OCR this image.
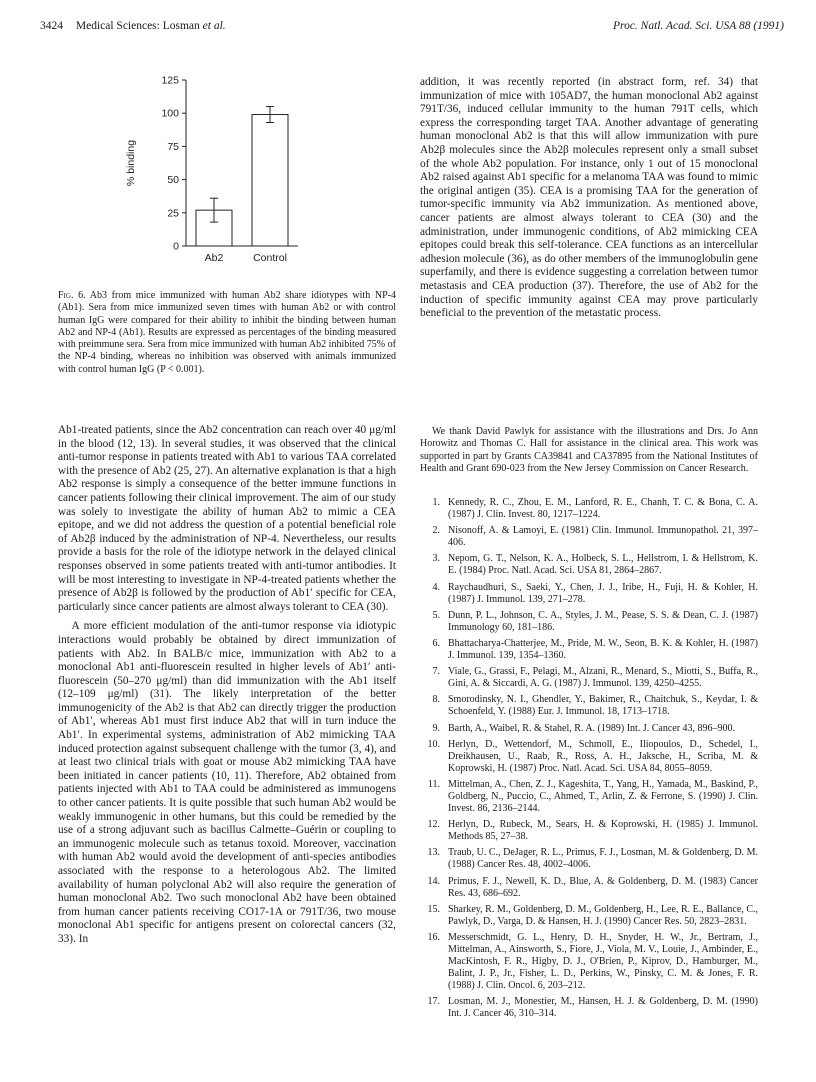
3424 Medical Sciences: Losman et al.	Proc. Natl. Acad. Sci. USA 88 (1991)
0
25
50
75
100
125
% binding
Ab2	Control
Fig. 6. Ab3 from mice immunized with human Ab2 share idiotypes with NP-4 (Ab1). Sera from mice immunized seven times with human Ab2 or with control human IgG were compared for their ability to inhibit the binding between human Ab2 and NP-4 (Ab1). Results are expressed as percentages of the binding measured with preimmune sera. Sera from mice immunized with human Ab2 inhibited 75% of the NP-4 binding, whereas no inhibition was observed with animals immunized with control human IgG (P < 0.001).

Ab1-treated patients, since the Ab2 concentration can reach over 40 μg/ml in the blood (12, 13). In several studies, it was observed that the clinical anti-tumor response in patients treated with Ab1 to various TAA correlated with the presence of Ab2 (25, 27). An alternative explanation is that a high Ab2 response is simply a consequence of the better immune functions in cancer patients following their clinical improvement. The aim of our study was solely to investigate the ability of human Ab2 to mimic a CEA epitope, and we did not address the question of a potential beneficial role of Ab2β induced by the administration of NP-4. Nevertheless, our results provide a basis for the role of the idiotype network in the delayed clinical responses observed in some patients treated with anti-tumor antibodies. It will be most interesting to investigate in NP-4-treated patients whether the presence of Ab2β is followed by the production of Ab1′ specific for CEA, particularly since cancer patients are almost always tolerant to CEA (30).

A more efficient modulation of the anti-tumor response via idiotypic interactions would probably be obtained by direct immunization of patients with Ab2. In BALB/c mice, immunization with Ab2 to a monoclonal Ab1 anti-fluorescein resulted in higher levels of Ab1′ anti-fluorescein (50–270 μg/ml) than did immunization with the Ab1 itself (12–109 μg/ml) (31). The likely interpretation of the better immunogenicity of the Ab2 is that Ab2 can directly trigger the production of Ab1′, whereas Ab1 must first induce Ab2 that will in turn induce the Ab1′. In experimental systems, administration of Ab2 mimicking TAA induced protection against subsequent challenge with the tumor (3, 4), and at least two clinical trials with goat or mouse Ab2 mimicking TAA have been initiated in cancer patients (10, 11). Therefore, Ab2 obtained from patients injected with Ab1 to TAA could be administered as immunogens to other cancer patients. It is quite possible that such human Ab2 would be weakly immunogenic in other humans, but this could be remedied by the use of a strong adjuvant such as bacillus Calmette–Guérin or coupling to an immunogenic molecule such as tetanus toxoid. Moreover, vaccination with human Ab2 would avoid the development of anti-species antibodies associated with the response to a heterologous Ab2. The limited availability of human polyclonal Ab2 will also require the generation of human monoclonal Ab2. Two such monoclonal Ab2 have been obtained from human cancer patients receiving CO17-1A or 791T/36, two mouse monoclonal Ab1 specific for antigens present on colorectal cancers (32, 33). In

addition, it was recently reported (in abstract form, ref. 34) that immunization of mice with 105AD7, the human monoclonal Ab2 against 791T/36, induced cellular immunity to the human 791T cells, which express the corresponding target TAA. Another advantage of generating human monoclonal Ab2 is that this will allow immunization with pure Ab2β molecules since the Ab2β molecules represent only a small subset of the whole Ab2 population. For instance, only 1 out of 15 monoclonal Ab2 raised against Ab1 specific for a melanoma TAA was found to mimic the original antigen (35). CEA is a promising TAA for the generation of tumor-specific immunity via Ab2 immunization. As mentioned above, cancer patients are almost always tolerant to CEA (30) and the administration, under immunogenic conditions, of Ab2 mimicking CEA epitopes could break this self-tolerance. CEA functions as an intercellular adhesion molecule (36), as do other members of the immunoglobulin gene superfamily, and there is evidence suggesting a correlation between tumor metastasis and CEA production (37). Therefore, the use of Ab2 for the induction of specific immunity against CEA may prove particularly beneficial to the prevention of the metastatic process.

We thank David Pawlyk for assistance with the illustrations and Drs. Jo Ann Horowitz and Thomas C. Hall for assistance in the clinical area. This work was supported in part by Grants CA39841 and CA37895 from the National Institutes of Health and Grant 690-023 from the New Jersey Commission on Cancer Research.

1. Kennedy, R. C., Zhou, E. M., Lanford, R. E., Chanh, T. C. & Bona, C. A. (1987) J. Clin. Invest. 80, 1217–1224.
2. Nisonoff, A. & Lamoyi, E. (1981) Clin. Immunol. Immunopathol. 21, 397–406.
3. Nepom, G. T., Nelson, K. A., Holbeck, S. L., Hellstrom, I. & Hellstrom, K. E. (1984) Proc. Natl. Acad. Sci. USA 81, 2864–2867.
4. Raychaudhuri, S., Saeki, Y., Chen, J. J., Iribe, H., Fuji, H. & Kohler, H. (1987) J. Immunol. 139, 271–278.
5. Dunn, P. L., Johnson, C. A., Styles, J. M., Pease, S. S. & Dean, C. J. (1987) Immunology 60, 181–186.
6. Bhattacharya-Chatterjee, M., Pride, M. W., Seon, B. K. & Kohler, H. (1987) J. Immunol. 139, 1354–1360.
7. Viale, G., Grassi, F., Pelagi, M., Alzani, R., Menard, S., Miotti, S., Buffa, R., Gini, A. & Siccardi, A. G. (1987) J. Immunol. 139, 4250–4255.
8. Smorodinsky, N. I., Ghendler, Y., Bakimer, R., Chaitchuk, S., Keydar, I. & Schoenfeld, Y. (1988) Eur. J. Immunol. 18, 1713–1718.
9. Barth, A., Waibel, R. & Stahel, R. A. (1989) Int. J. Cancer 43, 896–900.
10. Herlyn, D., Wettendorf, M., Schmoll, E., Iliopoulos, D., Schedel, I., Dreikhausen, U., Raab, R., Ross, A. H., Jaksche, H., Scriba, M. & Koprowski, H. (1987) Proc. Natl. Acad. Sci. USA 84, 8055–8059.
11. Mittelman, A., Chen, Z. J., Kageshita, T., Yang, H., Yamada, M., Baskind, P., Goldberg, N., Puccio, C., Ahmed, T., Arlin, Z. & Ferrone, S. (1990) J. Clin. Invest. 86, 2136–2144.
12. Herlyn, D., Rubeck, M., Sears, H. & Koprowski, H. (1985) J. Immunol. Methods 85, 27–38.
13. Traub, U. C., DeJager, R. L., Primus, F. J., Losman, M. & Goldenberg, D. M. (1988) Cancer Res. 48, 4002–4006.
14. Primus, F. J., Newell, K. D., Blue, A. & Goldenberg, D. M. (1983) Cancer Res. 43, 686–692.
15. Sharkey, R. M., Goldenberg, D. M., Goldenberg, H., Lee, R. E., Ballance, C., Pawlyk, D., Varga, D. & Hansen, H. J. (1990) Cancer Res. 50, 2823–2831.
16. Messerschmidt, G. L., Henry, D. H., Snyder, H. W., Jr., Bertram, J., Mittelman, A., Ainsworth, S., Fiore, J., Viola, M. V., Louie, J., Ambinder, E., MacKintosh, F. R., Higby, D. J., O'Brien, P., Kiprov, D., Hamburger, M., Balint, J. P., Jr., Fisher, L. D., Perkins, W., Pinsky, C. M. & Jones, F. R. (1988) J. Clin. Oncol. 6, 203–212.
17. Losman, M. J., Monestier, M., Hansen, H. J. & Goldenberg, D. M. (1990) Int. J. Cancer 46, 310–314.
